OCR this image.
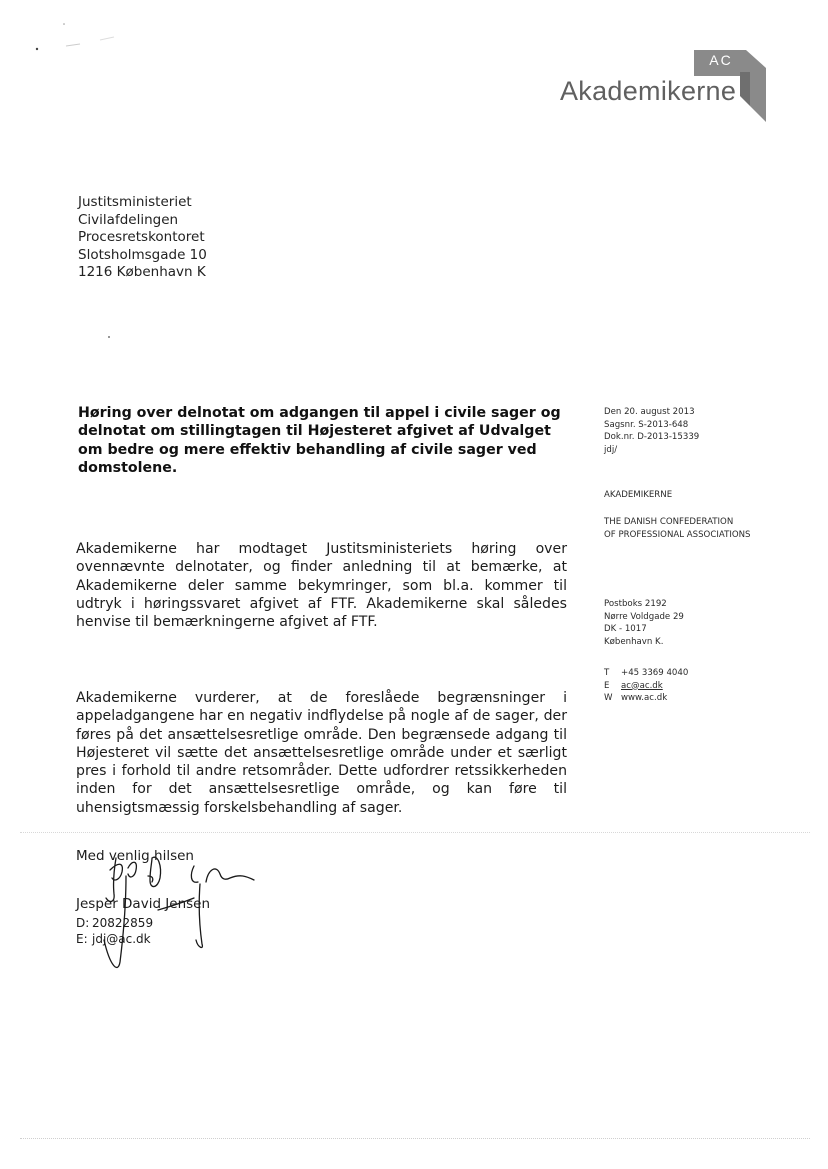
AC
Akademikerne
Justitsministeriet
Civilafdelingen
Procesretskontoret
Slotsholmsgade 10
1216 København K
Høring over delnotat om adgangen til appel i civile sager og delnotat om stillingtagen til Højesteret afgivet af Udvalget om bedre og mere effektiv behandling af civile sager ved domstolene.
Akademikerne har modtaget Justitsministeriets høring over ovennævnte delnotater, og finder anledning til at bemærke, at Akademikerne deler samme bekymringer, som bl.a. kommer til udtryk i høringssvaret afgivet af FTF. Akademikerne skal således henvise til bemærkningerne afgivet af FTF.
Akademikerne vurderer, at de foreslåede begrænsninger i appeladgangene har en negativ indflydelse på nogle af de sager, der føres på det ansættelsesretlige område. Den begrænsede adgang til Højesteret vil sætte det ansættelsesretlige område under et særligt pres i forhold til andre retsområder. Dette udfordrer retssikkerheden inden for det ansættelsesretlige område, og kan føre til uhensigtsmæssig forskelsbehandling af sager.
Den 20. august 2013
Sagsnr. S-2013-648
Dok.nr. D-2013-15339
jdj/
AKADEMIKERNE
THE DANISH CONFEDERATION
OF PROFESSIONAL ASSOCIATIONS
Postboks 2192
Nørre Voldgade 29
DK - 1017
København K.
T	+45 3369 4040
E	ac@ac.dk
W www.ac.dk
Med venlig hilsen
Jesper David Jensen
D: 20822859
E: jdj@ac.dk
